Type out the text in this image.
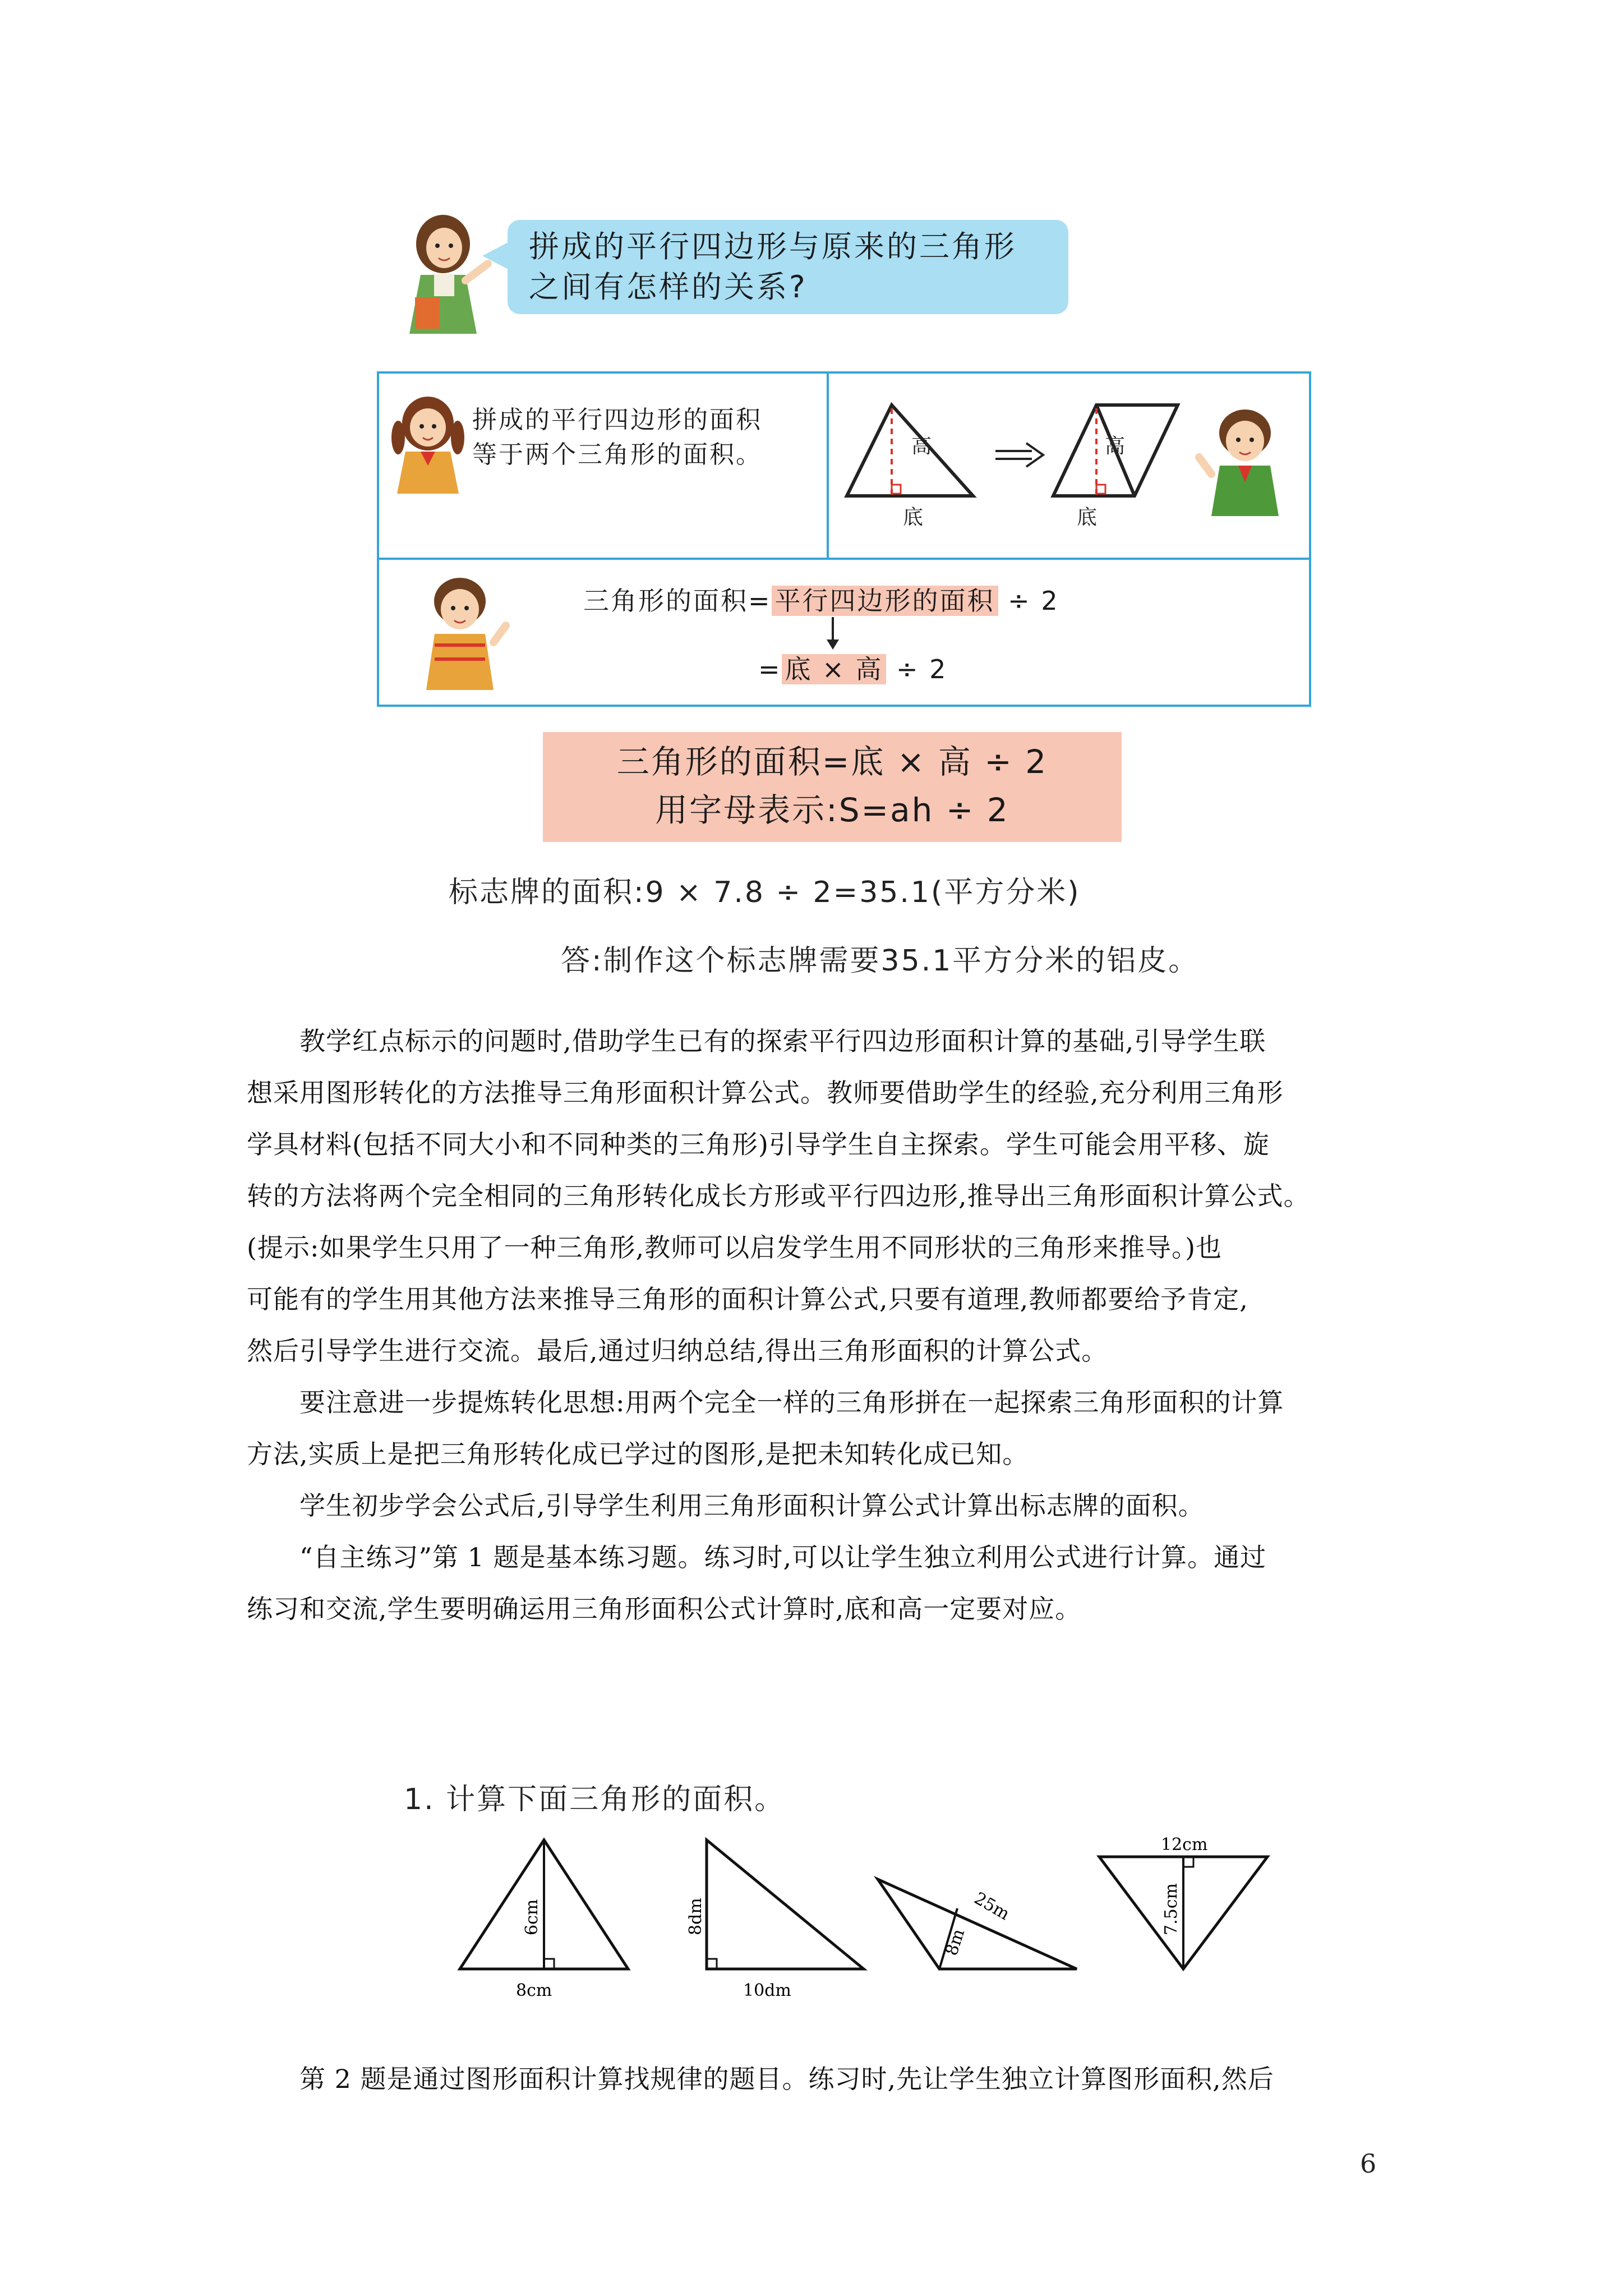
拼成的平行四边形与原来的三角形
之间有怎样的关系?
拼成的平行四边形的面积
等于两个三角形的面积。	高
底
高
底
三角形的面积= 平行四边形的面积 ÷ 2
= 底 × 高 ÷ 2
三角形的面积=底 × 高 ÷ 2
用字母表示:S=ah ÷ 2
标志牌的面积:9 × 7.8 ÷ 2=35.1(平方分米)
答:制作这个标志牌需要35.1平方分米的铝皮。
教学红点标示的问题时,借助学生已有的探索平行四边形面积计算的基础,引导学生联
想采用图形转化的方法推导三角形面积计算公式。教师要借助学生的经验,充分利用三角形
学具材料(包括不同大小和不同种类的三角形)引导学生自主探索。学生可能会用平移、旋
转的方法将两个完全相同的三角形转化成长方形或平行四边形,推导出三角形面积计算公式。
(提示:如果学生只用了一种三角形,教师可以启发学生用不同形状的三角形来推导。)也
可能有的学生用其他方法来推导三角形的面积计算公式,只要有道理,教师都要给予肯定,
然后引导学生进行交流。最后,通过归纳总结,得出三角形面积的计算公式。
要注意进一步提炼转化思想:用两个完全一样的三角形拼在一起探索三角形面积的计算
方法,实质上是把三角形转化成已学过的图形,是把未知转化成已知。
学生初步学会公式后,引导学生利用三角形面积计算公式计算出标志牌的面积。
“自主练习”第 1 题是基本练习题。练习时,可以让学生独立利用公式进行计算。通过
练习和交流,学生要明确运用三角形面积公式计算时,底和高一定要对应。
1. 计算下面三角形的面积。
6cm
8cm
8dm
10dm
25m
8m
12cm
7.5cm
第 2 题是通过图形面积计算找规律的题目。练习时,先让学生独立计算图形面积,然后
6
